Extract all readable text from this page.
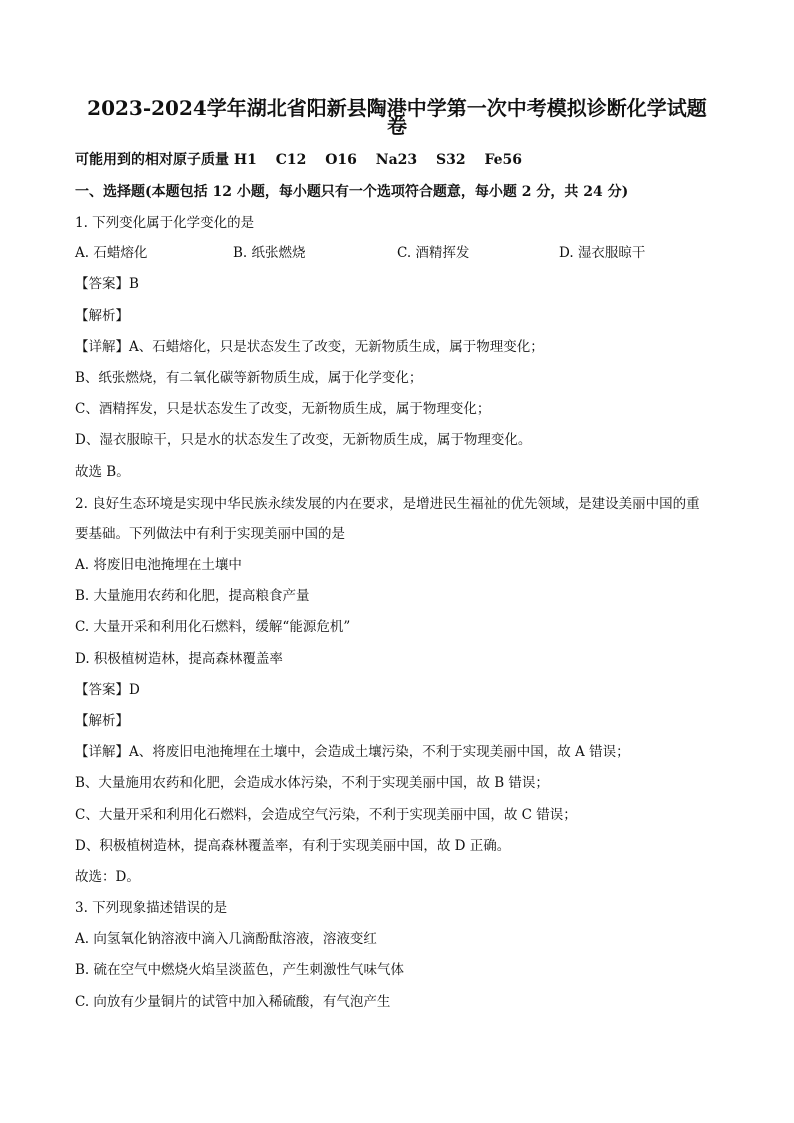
2023-2024学年湖北省阳新县陶港中学第一次中考模拟诊断化学试题
卷

可能用到的相对原子质量 H1　 C12　 O16　 Na23　 S32　 Fe56

一、选择题(本题包括 12 小题，每小题只有一个选项符合题意，每小题 2 分，共 24 分)

1. 下列变化属于化学变化的是

A. 石蜡熔化	B. 纸张燃烧	C. 酒精挥发	D. 湿衣服晾干

【答案】B

【解析】

【详解】A、石蜡熔化，只是状态发生了改变，无新物质生成，属于物理变化；

B、纸张燃烧，有二氧化碳等新物质生成，属于化学变化；

C、酒精挥发，只是状态发生了改变，无新物质生成，属于物理变化；

D、湿衣服晾干，只是水的状态发生了改变，无新物质生成，属于物理变化。

故选 B。

2. 良好生态环境是实现中华民族永续发展的内在要求，是增进民生福祉的优先领域，是建设美丽中国的重

要基础。下列做法中有利于实现美丽中国的是

A. 将废旧电池掩埋在土壤中

B. 大量施用农药和化肥，提高粮食产量

C. 大量开采和利用化石燃料，缓解“能源危机”

D. 积极植树造林，提高森林覆盖率

【答案】D

【解析】

【详解】A、将废旧电池掩埋在土壤中，会造成土壤污染，不利于实现美丽中国，故 A 错误；

B、大量施用农药和化肥，会造成水体污染，不利于实现美丽中国，故 B 错误；

C、大量开采和利用化石燃料，会造成空气污染，不利于实现美丽中国，故 C 错误；

D、积极植树造林，提高森林覆盖率，有利于实现美丽中国，故 D 正确。

故选：D。

3. 下列现象描述错误的是

A. 向氢氧化钠溶液中滴入几滴酚酞溶液，溶液变红

B. 硫在空气中燃烧火焰呈淡蓝色，产生刺激性气味气体

C. 向放有少量铜片的试管中加入稀硫酸，有气泡产生
